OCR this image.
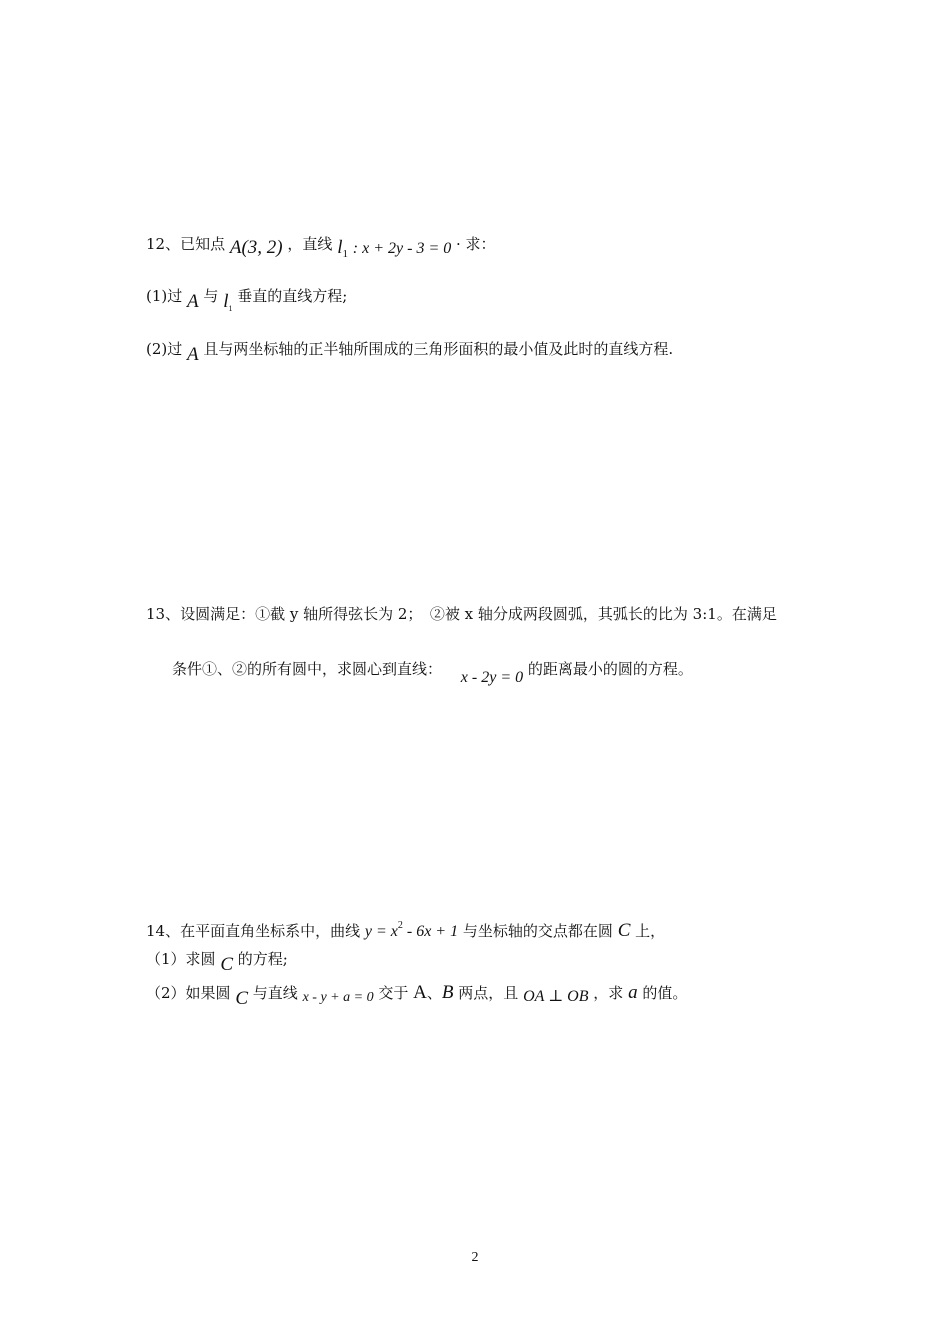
12、已知点 A(3, 2) ，直线 $l_1$ : x + 2y - 3 = 0 · 求：
(1)过 A 与 $l_1$ 垂直的直线方程;
(2)过 A 且与两坐标轴的正半轴所围成的三角形面积的最小值及此时的直线方程.
13、设圆满足：①截 y 轴所得弦长为 2；　②被 x 轴分成两段圆弧，其弧长的比为 3:1。在满足
条件①、②的所有圆中，求圆心到直线： x - 2y = 0 的距离最小的圆的方程。
14、在平面直角坐标系中，曲线 $y = x^2 - 6x + 1$ 与坐标轴的交点都在圆 C 上，
（1）求圆 C 的方程;
（2）如果圆 C 与直线 x - y + a = 0 交于 A、B 两点，且 OA ⊥ OB ，求 a 的值。
2
